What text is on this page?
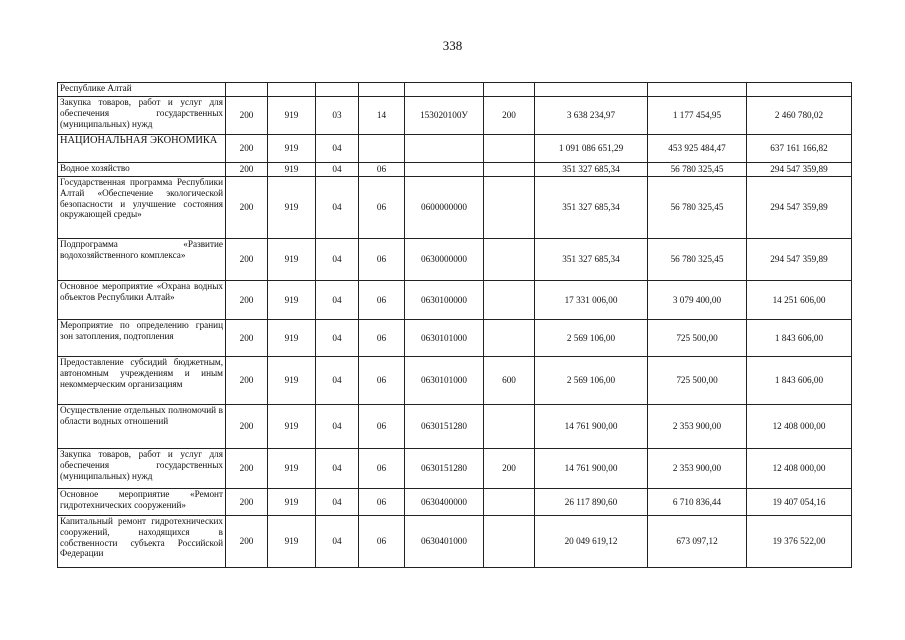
338
Республике Алтай									
Закупка товаров, работ и услуг для обеспечения государственных (муниципальных) нужд	200	919	03	14	153020100У	200	3 638 234,97	1 177 454,95	2 460 780,02
НАЦИОНАЛЬНАЯ ЭКОНОМИКА	200	919	04				1 091 086 651,29	453 925 484,47	637 161 166,82
Водное хозяйство	200	919	04	06			351 327 685,34	56 780 325,45	294 547 359,89
Государственная программа Республики Алтай «Обеспечение экологической безопасности и улучшение состояния окружающей среды»	200	919	04	06	0600000000		351 327 685,34	56 780 325,45	294 547 359,89
Подпрограмма «Развитие водохозяйственного комплекса»	200	919	04	06	0630000000		351 327 685,34	56 780 325,45	294 547 359,89
Основное мероприятие «Охрана водных объектов Республики Алтай»	200	919	04	06	0630100000		17 331 006,00	3 079 400,00	14 251 606,00
Мероприятие по определению границ зон затопления, подтопления	200	919	04	06	0630101000		2 569 106,00	725 500,00	1 843 606,00
Предоставление субсидий бюджетным, автономным учреждениям и иным некоммерческим организациям	200	919	04	06	0630101000	600	2 569 106,00	725 500,00	1 843 606,00
Осуществление отдельных полномочий в области водных отношений	200	919	04	06	0630151280		14 761 900,00	2 353 900,00	12 408 000,00
Закупка товаров, работ и услуг для обеспечения государственных (муниципальных) нужд	200	919	04	06	0630151280	200	14 761 900,00	2 353 900,00	12 408 000,00
Основное мероприятие «Ремонт гидротехнических сооружений»	200	919	04	06	0630400000		26 117 890,60	6 710 836,44	19 407 054,16
Капитальный ремонт гидротехнических сооружений, находящихся в собственности субъекта Российской Федерации	200	919	04	06	0630401000		20 049 619,12	673 097,12	19 376 522,00
